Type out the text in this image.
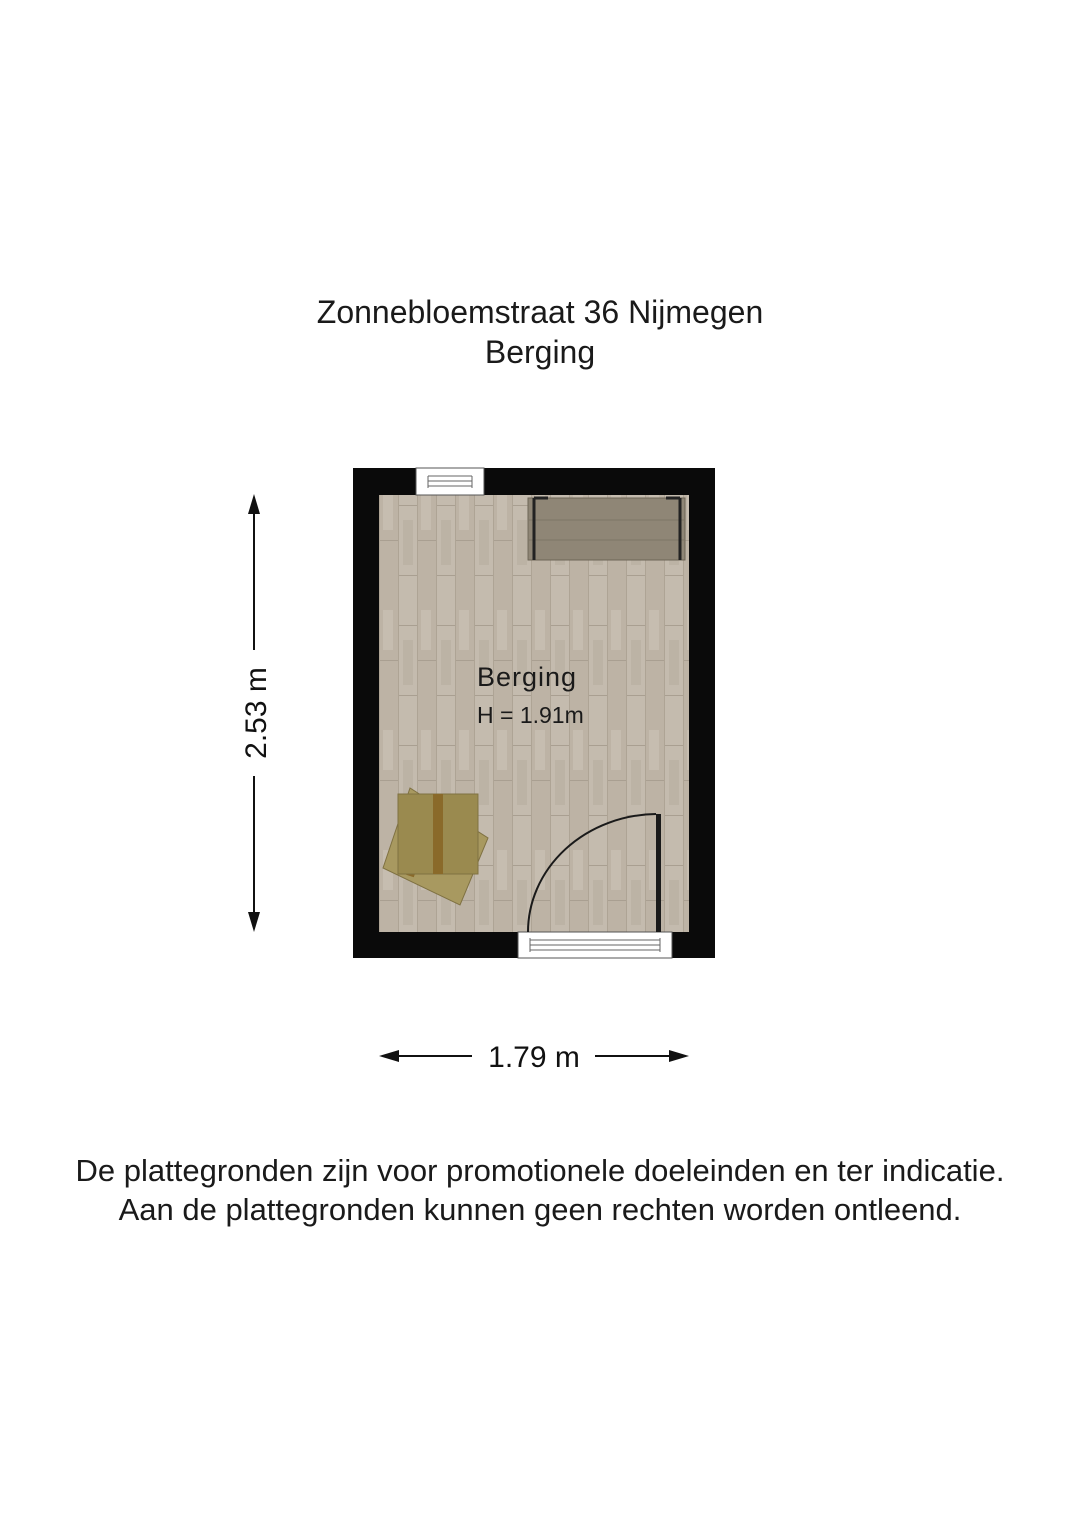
Zonnebloemstraat 36 Nijmegen
Berging
Berging
H = 1.91m
2.53 m
1.79 m
De plattegronden zijn voor promotionele doeleinden en ter indicatie.
Aan de plattegronden kunnen geen rechten worden ontleend.
